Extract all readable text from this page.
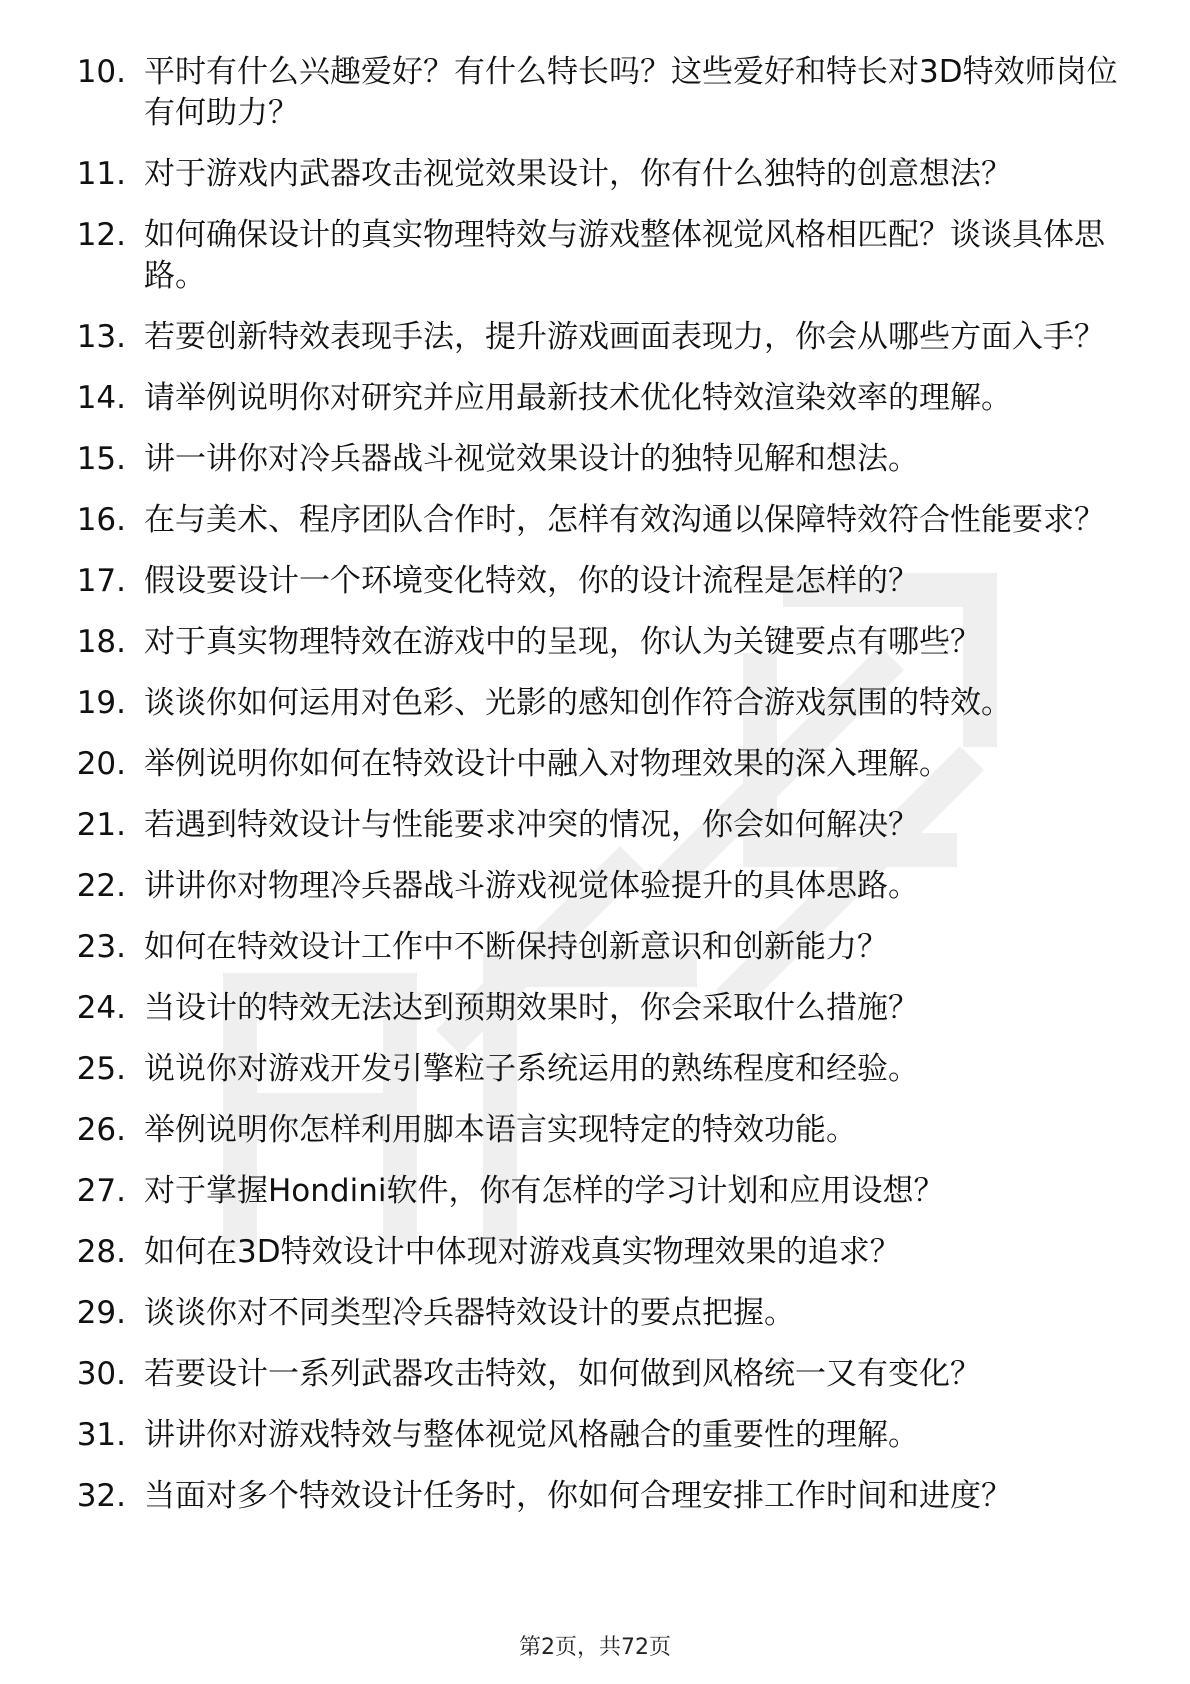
10. 平时有什么兴趣爱好？有什么特长吗？这些爱好和特长对3D特效师岗位有何助力？
11. 对于游戏内武器攻击视觉效果设计，你有什么独特的创意想法？
12. 如何确保设计的真实物理特效与游戏整体视觉风格相匹配？谈谈具体思路。
13. 若要创新特效表现手法，提升游戏画面表现力，你会从哪些方面入手？
14. 请举例说明你对研究并应用最新技术优化特效渲染效率的理解。
15. 讲一讲你对冷兵器战斗视觉效果设计的独特见解和想法。
16. 在与美术、程序团队合作时，怎样有效沟通以保障特效符合性能要求？
17. 假设要设计一个环境变化特效，你的设计流程是怎样的？
18. 对于真实物理特效在游戏中的呈现，你认为关键要点有哪些？
19. 谈谈你如何运用对色彩、光影的感知创作符合游戏氛围的特效。
20. 举例说明你如何在特效设计中融入对物理效果的深入理解。
21. 若遇到特效设计与性能要求冲突的情况，你会如何解决？
22. 讲讲你对物理冷兵器战斗游戏视觉体验提升的具体思路。
23. 如何在特效设计工作中不断保持创新意识和创新能力？
24. 当设计的特效无法达到预期效果时，你会采取什么措施？
25. 说说你对游戏开发引擎粒子系统运用的熟练程度和经验。
26. 举例说明你怎样利用脚本语言实现特定的特效功能。
27. 对于掌握Hondini软件，你有怎样的学习计划和应用设想？
28. 如何在3D特效设计中体现对游戏真实物理效果的追求？
29. 谈谈你对不同类型冷兵器特效设计的要点把握。
30. 若要设计一系列武器攻击特效，如何做到风格统一又有变化？
31. 讲讲你对游戏特效与整体视觉风格融合的重要性的理解。
32. 当面对多个特效设计任务时，你如何合理安排工作时间和进度？
第2页，共72页
